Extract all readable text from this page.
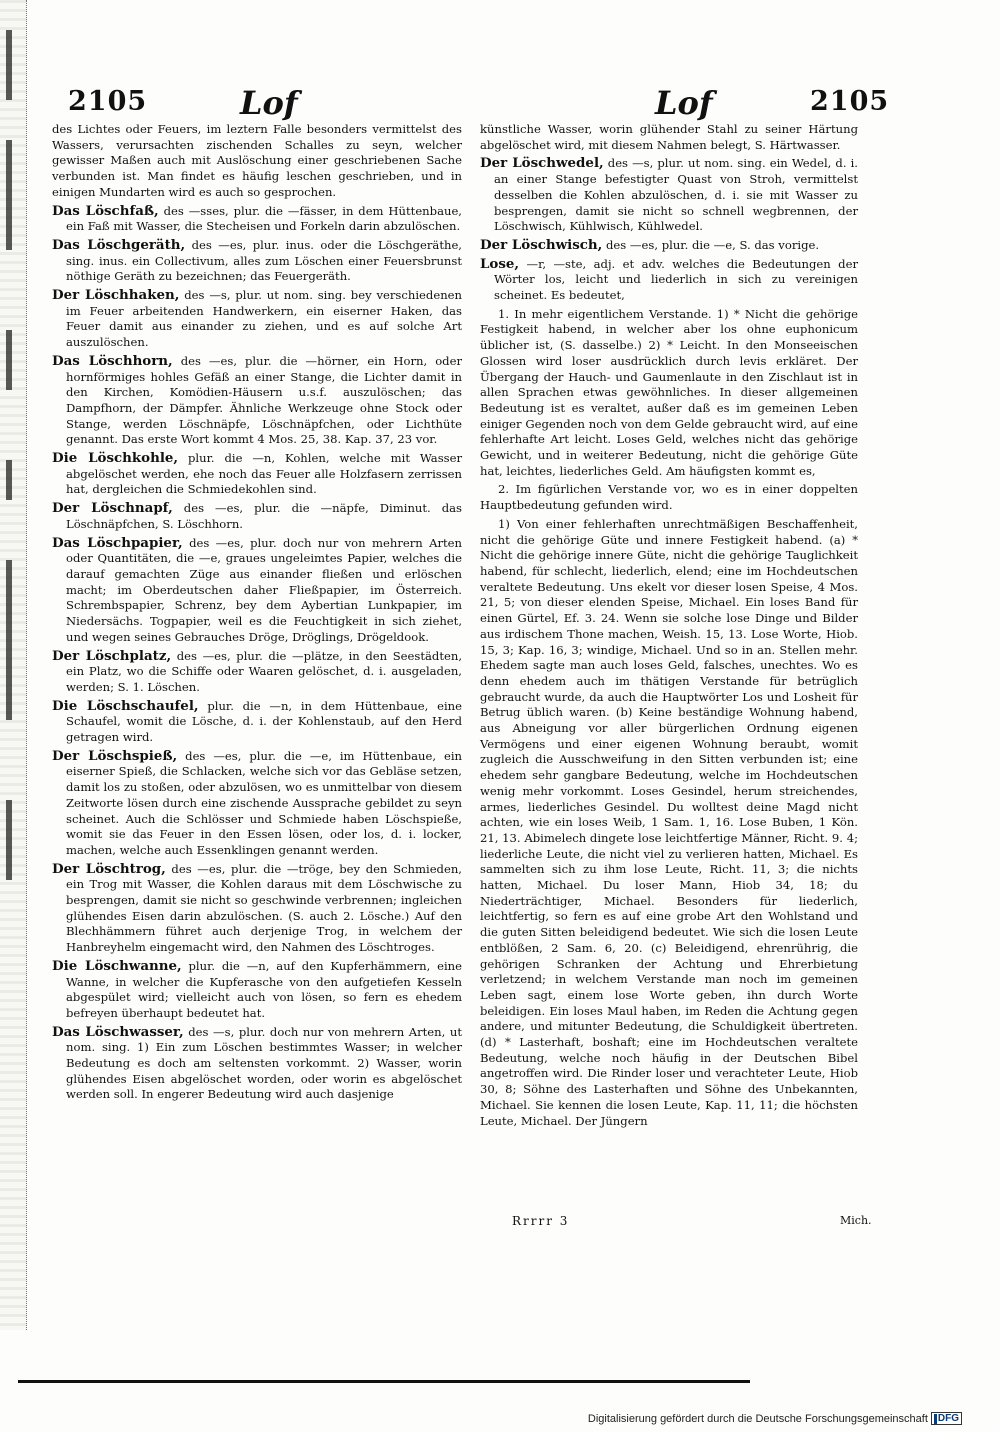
2105	Lof	Lof	2105

des Lichtes oder Feuers, im leztern Falle besonders vermittelst des Wassers, verursachten zischenden Schalles zu seyn, welcher gewisser Maßen auch mit Auslöschung einer geschriebenen Sache verbunden ist. Man findet es häufig leschen geschrieben, und in einigen Mundarten wird es auch so gesprochen.

Das Löschfaß, des —sses, plur. die —fässer, in dem Hüttenbaue, ein Faß mit Wasser, die Stecheisen und Forkeln darin abzulöschen.

Das Löschgeräth, des —es, plur. inus. oder die Löschgeräthe, sing. inus. ein Collectivum, alles zum Löschen einer Feuersbrunst nöthige Geräth zu bezeichnen; das Feuergeräth.

Der Löschhaken, des —s, plur. ut nom. sing. bey verschiedenen im Feuer arbeitenden Handwerkern, ein eiserner Haken, das Feuer damit aus einander zu ziehen, und es auf solche Art auszulöschen.

Das Löschhorn, des —es, plur. die —hörner, ein Horn, oder hornförmiges hohles Gefäß an einer Stange, die Lichter damit in den Kirchen, Komödien-Häusern u.s.f. auszulöschen; das Dampfhorn, der Dämpfer. Ähnliche Werkzeuge ohne Stock oder Stange, werden Löschnäpfe, Löschnäpfchen, oder Lichthüte genannt. Das erste Wort kommt 4 Mos. 25, 38. Kap. 37, 23 vor.

Die Löschkohle, plur. die —n, Kohlen, welche mit Wasser abgelöschet werden, ehe noch das Feuer alle Holzfasern zerrissen hat, dergleichen die Schmiedekohlen sind.

Der Löschnapf, des —es, plur. die —näpfe, Diminut. das Löschnäpfchen, S. Löschhorn.

Das Löschpapier, des —es, plur. doch nur von mehrern Arten oder Quantitäten, die —e, graues ungeleimtes Papier, welches die darauf gemachten Züge aus einander fließen und erlöschen macht; im Oberdeutschen daher Fließpapier, im Österreich. Schrembspapier, Schrenz, bey dem Aybertian Lunkpapier, im Niedersächs. Togpapier, weil es die Feuchtigkeit in sich ziehet, und wegen seines Gebrauches Dröge, Dröglings, Drögeldook.

Der Löschplatz, des —es, plur. die —plätze, in den Seestädten, ein Platz, wo die Schiffe oder Waaren gelöschet, d. i. ausgeladen, werden; S. 1. Löschen.

Die Löschschaufel, plur. die —n, in dem Hüttenbaue, eine Schaufel, womit die Lösche, d. i. der Kohlenstaub, auf den Herd getragen wird.

Der Löschspieß, des —es, plur. die —e, im Hüttenbaue, ein eiserner Spieß, die Schlacken, welche sich vor das Gebläse setzen, damit los zu stoßen, oder abzulösen, wo es unmittelbar von diesem Zeitworte lösen durch eine zischende Aussprache gebildet zu seyn scheinet. Auch die Schlösser und Schmiede haben Löschspieße, womit sie das Feuer in den Essen lösen, oder los, d. i. locker, machen, welche auch Essenklingen genannt werden.

Der Löschtrog, des —es, plur. die —tröge, bey den Schmieden, ein Trog mit Wasser, die Kohlen daraus mit dem Löschwische zu besprengen, damit sie nicht so geschwinde verbrennen; ingleichen glühendes Eisen darin abzulöschen. (S. auch 2. Lösche.) Auf den Blechhämmern führet auch derjenige Trog, in welchem der Hanbreyhelm eingemacht wird, den Nahmen des Löschtroges.

Die Löschwanne, plur. die —n, auf den Kupferhämmern, eine Wanne, in welcher die Kupferasche von den aufgetiefen Kesseln abgespület wird; vielleicht auch von lösen, so fern es ehedem befreyen überhaupt bedeutet hat.

Das Löschwasser, des —s, plur. doch nur von mehrern Arten, ut nom. sing. 1) Ein zum Löschen bestimmtes Wasser; in welcher Bedeutung es doch am seltensten vorkommt. 2) Wasser, worin glühendes Eisen abgelöschet worden, oder worin es abgelöschet werden soll. In engerer Bedeutung wird auch dasjenige

künstliche Wasser, worin glühender Stahl zu seiner Härtung abgelöschet wird, mit diesem Nahmen belegt, S. Härtwasser.

Der Löschwedel, des —s, plur. ut nom. sing. ein Wedel, d. i. an einer Stange befestigter Quast von Stroh, vermittelst desselben die Kohlen abzulöschen, d. i. sie mit Wasser zu besprengen, damit sie nicht so schnell wegbrennen, der Löschwisch, Kühlwisch, Kühlwedel.

Der Löschwisch, des —es, plur. die —e, S. das vorige.

Lose, —r, —ste, adj. et adv. welches die Bedeutungen der Wörter los, leicht und liederlich in sich zu vereinigen scheinet. Es bedeutet,

1. In mehr eigentlichem Verstande. 1) * Nicht die gehörige Festigkeit habend, in welcher aber los ohne euphonicum üblicher ist, (S. dasselbe.) 2) * Leicht. In den Monseeischen Glossen wird loser ausdrücklich durch levis erkläret. Der Übergang der Hauch- und Gaumenlaute in den Zischlaut ist in allen Sprachen etwas gewöhnliches. In dieser allgemeinen Bedeutung ist es veraltet, außer daß es im gemeinen Leben einiger Gegenden noch von dem Gelde gebraucht wird, auf eine fehlerhafte Art leicht. Loses Geld, welches nicht das gehörige Gewicht, und in weiterer Bedeutung, nicht die gehörige Güte hat, leichtes, liederliches Geld. Am häufigsten kommt es,

2. Im figürlichen Verstande vor, wo es in einer doppelten Hauptbedeutung gefunden wird.

1) Von einer fehlerhaften unrechtmäßigen Beschaffenheit, nicht die gehörige Güte und innere Festigkeit habend. (a) * Nicht die gehörige innere Güte, nicht die gehörige Tauglichkeit habend, für schlecht, liederlich, elend; eine im Hochdeutschen veraltete Bedeutung. Uns ekelt vor dieser losen Speise, 4 Mos. 21, 5; von dieser elenden Speise, Michael. Ein loses Band für einen Gürtel, Ef. 3. 24. Wenn sie solche lose Dinge und Bilder aus irdischem Thone machen, Weish. 15, 13. Lose Worte, Hiob. 15, 3; Kap. 16, 3; windige, Michael. Und so in an. Stellen mehr. Ehedem sagte man auch loses Geld, falsches, unechtes. Wo es denn ehedem auch im thätigen Verstande für betrüglich gebraucht wurde, da auch die Hauptwörter Los und Losheit für Betrug üblich waren. (b) Keine beständige Wohnung habend, aus Abneigung vor aller bürgerlichen Ordnung eigenen Vermögens und einer eigenen Wohnung beraubt, womit zugleich die Ausschweifung in den Sitten verbunden ist; eine ehedem sehr gangbare Bedeutung, welche im Hochdeutschen wenig mehr vorkommt. Loses Gesindel, herum streichendes, armes, liederliches Gesindel. Du wolltest deine Magd nicht achten, wie ein loses Weib, 1 Sam. 1, 16. Lose Buben, 1 Kön. 21, 13. Abimelech dingete lose leichtfertige Männer, Richt. 9. 4; liederliche Leute, die nicht viel zu verlieren hatten, Michael. Es sammelten sich zu ihm lose Leute, Richt. 11, 3; die nichts hatten, Michael. Du loser Mann, Hiob 34, 18; du Niederträchtiger, Michael. Besonders für liederlich, leichtfertig, so fern es auf eine grobe Art den Wohlstand und die guten Sitten beleidigend bedeutet. Wie sich die losen Leute entblößen, 2 Sam. 6, 20. (c) Beleidigend, ehrenrührig, die gehörigen Schranken der Achtung und Ehrerbietung verletzend; in welchem Verstande man noch im gemeinen Leben sagt, einem lose Worte geben, ihn durch Worte beleidigen. Ein loses Maul haben, im Reden die Achtung gegen andere, und mitunter Bedeutung, die Schuldigkeit übertreten. (d) * Lasterhaft, boshaft; eine im Hochdeutschen veraltete Bedeutung, welche noch häufig in der Deutschen Bibel angetroffen wird. Die Rinder loser und verachteter Leute, Hiob 30, 8; Söhne des Lasterhaften und Söhne des Unbekannten, Michael. Sie kennen die losen Leute, Kap. 11, 11; die höchsten Leute, Michael. Der Jüngern

Rrrrr 3	Mich.
Digitalisierung gefördert durch die Deutsche Forschungsgemeinschaft DFG
